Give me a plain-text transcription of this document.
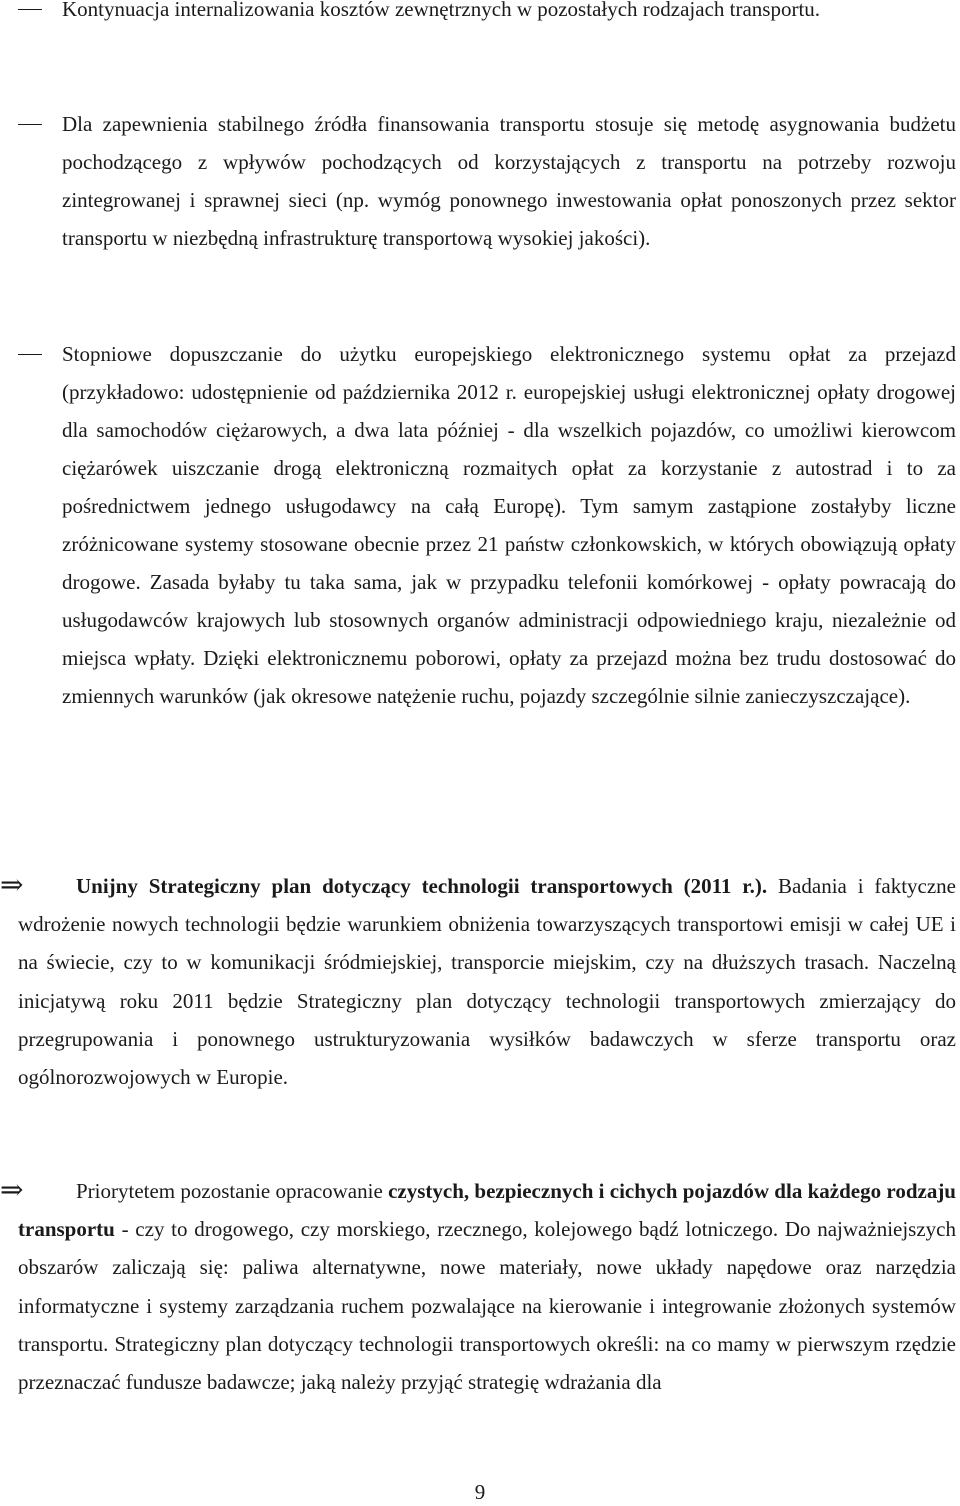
Kontynuacja internalizowania kosztów zewnętrznych w pozostałych rodzajach transportu.
Dla zapewnienia stabilnego źródła finansowania transportu stosuje się metodę asygnowania budżetu pochodzącego z wpływów pochodzących od korzystających z transportu na potrzeby rozwoju zintegrowanej i sprawnej sieci (np. wymóg ponownego inwestowania opłat ponoszonych przez sektor transportu w niezbędną infrastrukturę transportową wysokiej jakości).
Stopniowe dopuszczanie do użytku europejskiego elektronicznego systemu opłat za przejazd (przykładowo: udostępnienie od października 2012 r. europejskiej usługi elektronicznej opłaty drogowej dla samochodów ciężarowych, a dwa lata później - dla wszelkich pojazdów, co umożliwi kierowcom ciężarówek uiszczanie drogą elektroniczną rozmaitych opłat za korzystanie z autostrad i to za pośrednictwem jednego usługodawcy na całą Europę). Tym samym zastąpione zostałyby liczne zróżnicowane systemy stosowane obecnie przez 21 państw członkowskich, w których obowiązują opłaty drogowe. Zasada byłaby tu taka sama, jak w przypadku telefonii komórkowej - opłaty powracają do usługodawców krajowych lub stosownych organów administracji odpowiedniego kraju, niezależnie od miejsca wpłaty. Dzięki elektronicznemu poborowi, opłaty za przejazd można bez trudu dostosować do zmiennych warunków (jak okresowe natężenie ruchu, pojazdy szczególnie silnie zanieczyszczające).
⇒	Unijny Strategiczny plan dotyczący technologii transportowych (2011 r.). Badania i faktyczne wdrożenie nowych technologii będzie warunkiem obniżenia towarzyszących transportowi emisji w całej UE i na świecie, czy to w komunikacji śródmiejskiej, transporcie miejskim, czy na dłuższych trasach. Naczelną inicjatywą roku 2011 będzie Strategiczny plan dotyczący technologii transportowych zmierzający do przegrupowania i ponownego ustrukturyzowania wysiłków badawczych w sferze transportu oraz ogólnorozwojowych w Europie.
⇒	Priorytetem pozostanie opracowanie czystych, bezpiecznych i cichych pojazdów dla każdego rodzaju transportu - czy to drogowego, czy morskiego, rzecznego, kolejowego bądź lotniczego. Do najważniejszych obszarów zaliczają się: paliwa alternatywne, nowe materiały, nowe układy napędowe oraz narzędzia informatyczne i systemy zarządzania ruchem pozwalające na kierowanie i integrowanie złożonych systemów transportu. Strategiczny plan dotyczący technologii transportowych określi: na co mamy w pierwszym rzędzie przeznaczać fundusze badawcze; jaką należy przyjąć strategię wdrażania dla
9
